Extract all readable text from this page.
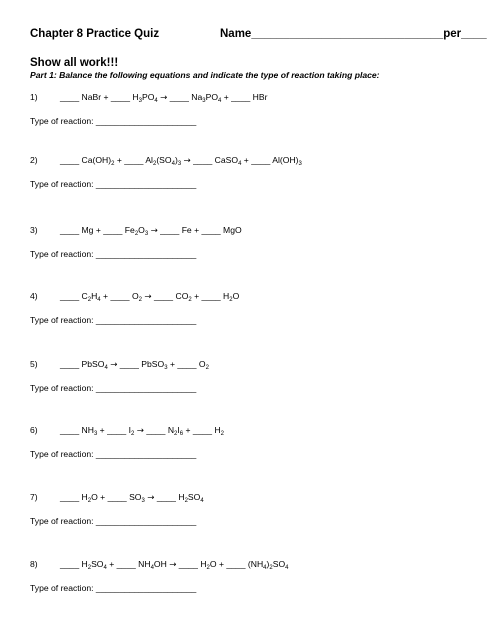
Chapter 8 Practice Quiz	Name______________________________per____
Show all work!!!
Part 1: Balance the following equations and indicate the type of reaction taking place:
1)	____ NaBr + ____ $H_3PO_4$ → ____ $Na_3PO_4$ + ____ HBr
Type of reaction: _____________________
2)	____ $Ca(OH)_2$ + ____ $Al_2(SO_4)_3$ → ____ CaSO$_4$ + ____ $Al(OH)_3$
Type of reaction: _____________________
3)	____ Mg + ____ $Fe_2O_3$ → ____ Fe + ____ MgO
Type of reaction: _____________________
4)	____ $C_2H_4$ + ____ $O_2$ → ____ $CO_2$ + ____ $H_2O$
Type of reaction: _____________________
5)	____ PbSO$_4$ → ____ PbSO$_3$ + ____ $O_2$
Type of reaction: _____________________
6)	____ $NH_3$ + ____ $I_2$ → ____ $N_2I_6$ + ____ $H_2$
Type of reaction: _____________________
7)	____ $H_2O$ + ____ $SO_3$ → ____ $H_2SO_4$
Type of reaction: _____________________
8)	____ $H_2SO_4$ + ____ $NH_4OH$ → ____ $H_2O$ + ____ $(NH_4)_2SO_4$
Type of reaction: _____________________
